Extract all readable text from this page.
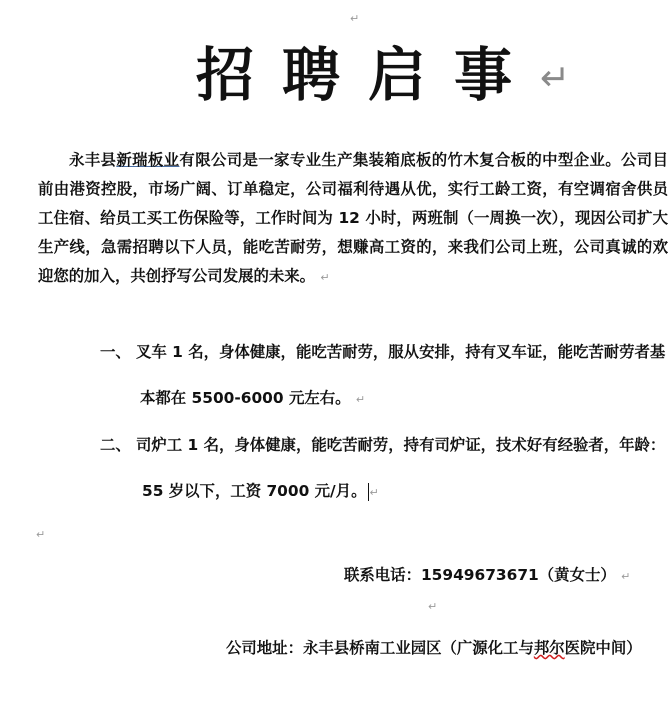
↵
招聘启事↵

永丰县新瑞板业有限公司是一家专业生产集装箱底板的竹木复合板的中型企业。公司目前由港资控股，市场广阔、订单稳定，公司福利待遇从优，实行工龄工资，有空调宿舍供员工住宿、给员工买工伤保险等，工作时间为 12 小时，两班制（一周换一次），现因公司扩大生产线，急需招聘以下人员，能吃苦耐劳，想赚高工资的，来我们公司上班，公司真诚的欢迎您的加入，共创抒写公司发展的未来。 ↵

一、 叉车 1 名，身体健康，能吃苦耐劳，服从安排，持有叉车证，能吃苦耐劳者基
本都在 5500-6000 元左右。 ↵
二、 司炉工 1 名，身体健康，能吃苦耐劳，持有司炉证，技术好有经验者，年龄：
55 岁以下，工资 7000 元/月。 ↵
↵
联系电话：15949673671（黄女士） ↵
↵
公司地址：永丰县桥南工业园区（广源化工与邦尔医院中间）
